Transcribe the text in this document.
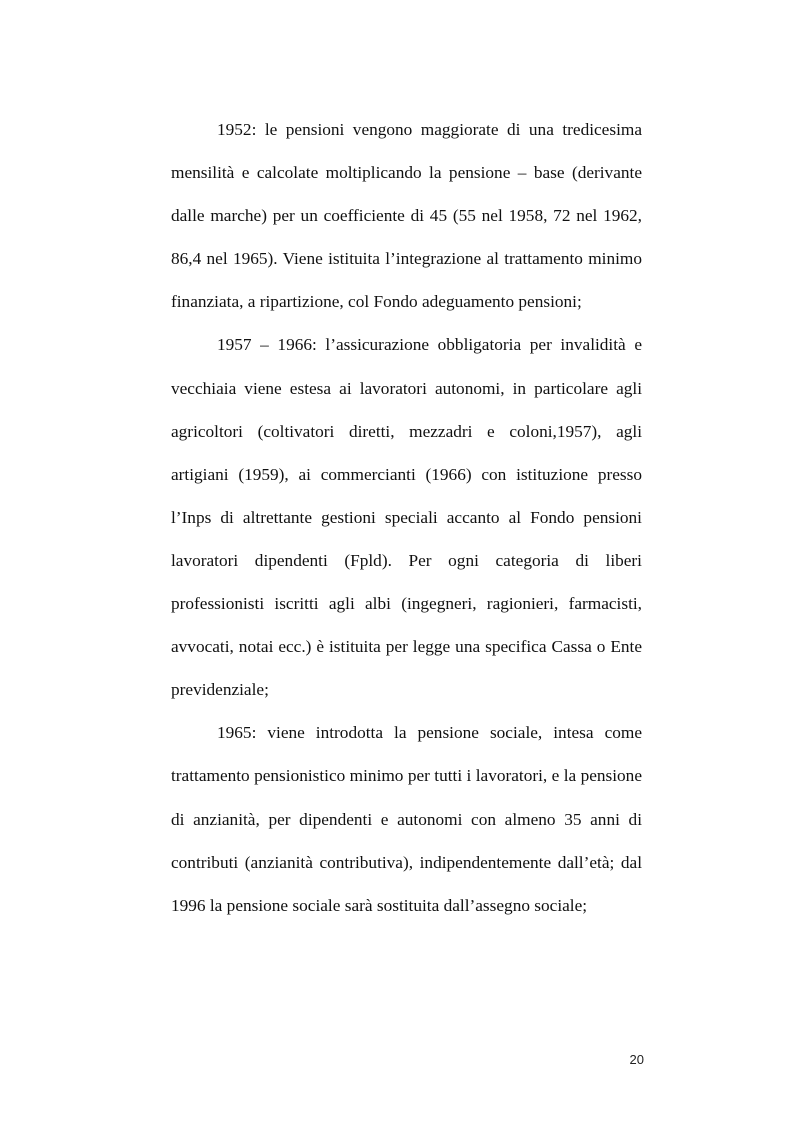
1952: le pensioni vengono maggiorate di una tredicesima mensilità e calcolate moltiplicando la pensione – base (derivante dalle marche) per un coefficiente di 45 (55 nel 1958, 72 nel 1962, 86,4 nel 1965). Viene istituita l’integrazione al trattamento minimo finanziata, a ripartizione, col Fondo adeguamento pensioni;

1957 – 1966: l’assicurazione obbligatoria per invalidità e vecchiaia viene estesa ai lavoratori autonomi, in particolare agli agricoltori (coltivatori diretti, mezzadri e coloni,1957), agli artigiani (1959), ai commercianti (1966) con istituzione presso l’Inps di altrettante gestioni speciali accanto al Fondo pensioni lavoratori dipendenti (Fpld). Per ogni categoria di liberi professionisti iscritti agli albi (ingegneri, ragionieri, farmacisti, avvocati, notai ecc.) è istituita per legge una specifica Cassa o Ente previdenziale;

1965: viene introdotta la pensione sociale, intesa come trattamento pensionistico minimo per tutti i lavoratori, e la pensione di anzianità, per dipendenti e autonomi con almeno 35 anni di contributi (anzianità contributiva), indipendentemente dall’età; dal 1996 la pensione sociale sarà sostituita dall’assegno sociale;

20
